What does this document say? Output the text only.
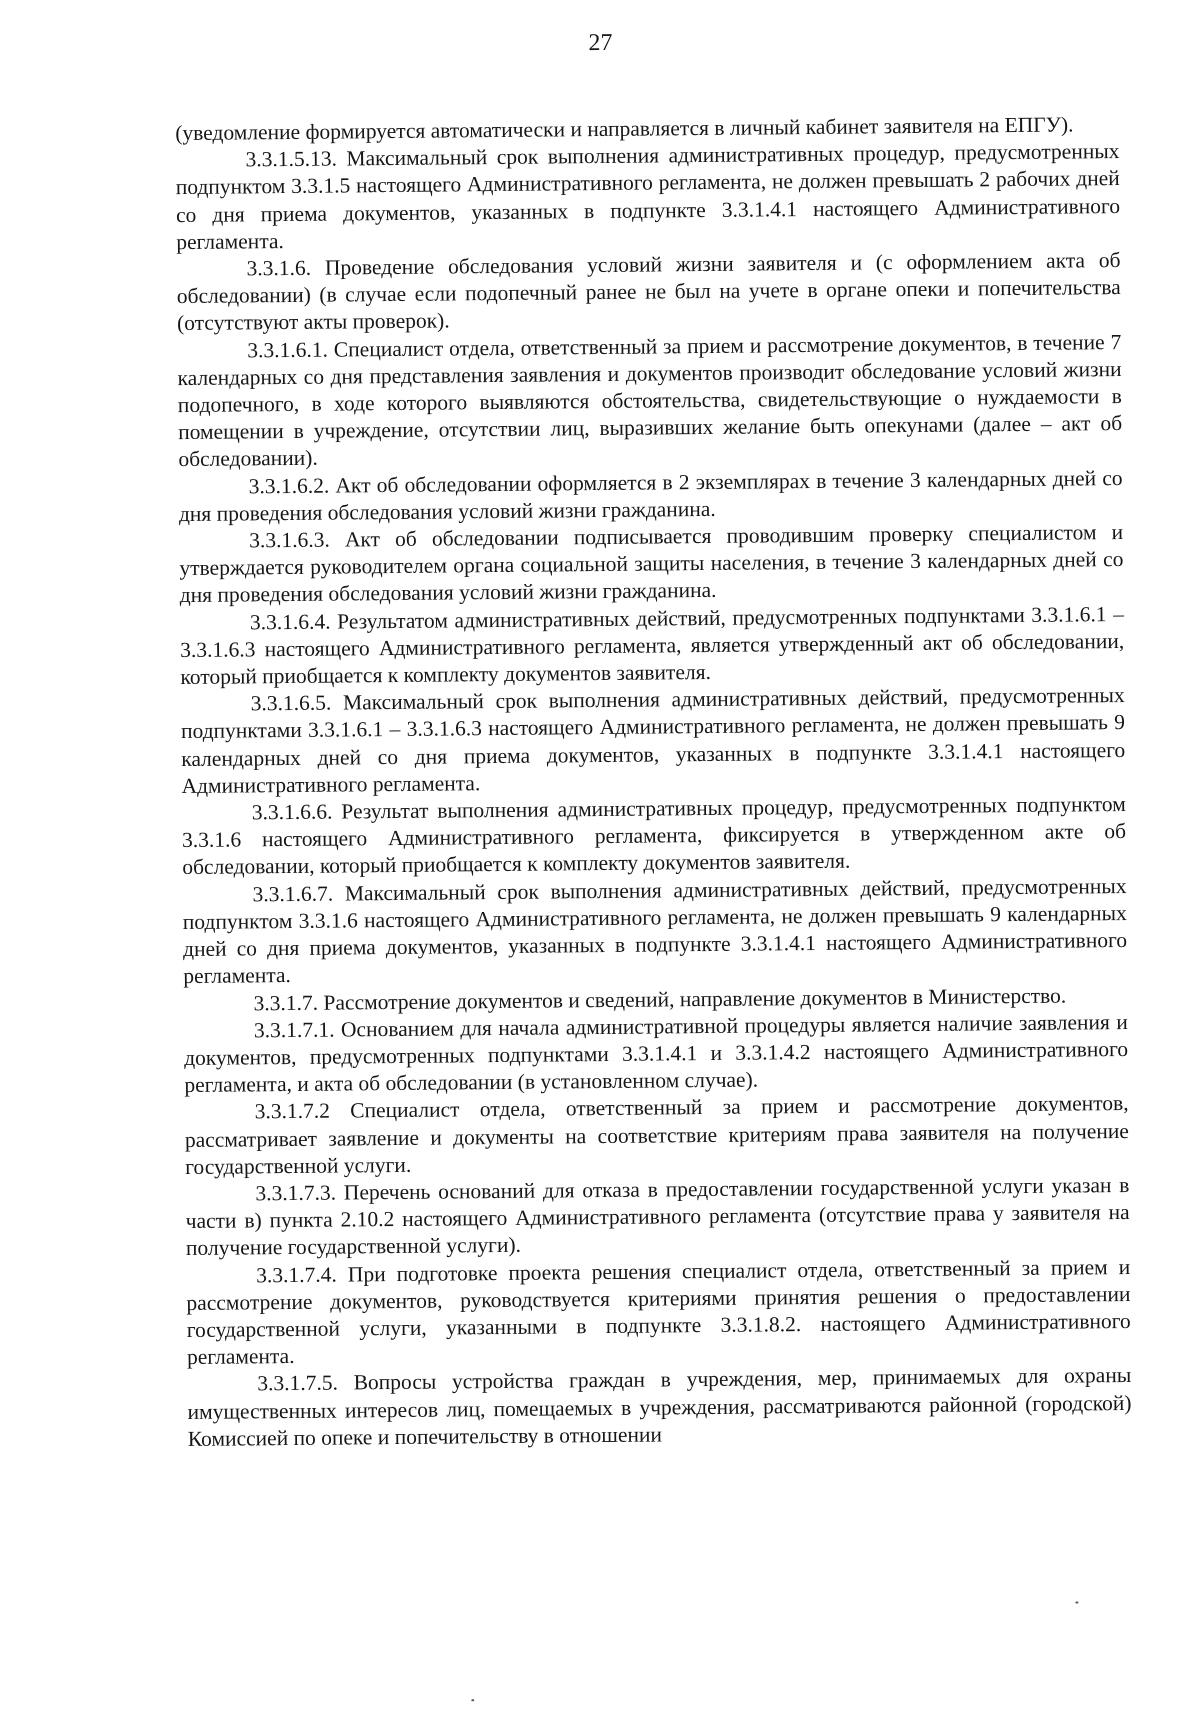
27

(уведомление формируется автоматически и направляется в личный кабинет заявителя на ЕПГУ).

3.3.1.5.13. Максимальный срок выполнения административных процедур, предусмотренных подпунктом 3.3.1.5 настоящего Административного регламента, не должен превышать 2 рабочих дней со дня приема документов, указанных в подпункте 3.3.1.4.1 настоящего Административного регламента.

3.3.1.6. Проведение обследования условий жизни заявителя и (с оформлением акта об обследовании) (в случае если подопечный ранее не был на учете в органе опеки и попечительства (отсутствуют акты проверок).

3.3.1.6.1. Специалист отдела, ответственный за прием и рассмотрение документов, в течение 7 календарных со дня представления заявления и документов производит обследование условий жизни подопечного, в ходе которого выявляются обстоятельства, свидетельствующие о нуждаемости в помещении в учреждение, отсутствии лиц, выразивших желание быть опекунами (далее – акт об обследовании).

3.3.1.6.2. Акт об обследовании оформляется в 2 экземплярах в течение 3 календарных дней со дня проведения обследования условий жизни гражданина.

3.3.1.6.3. Акт об обследовании подписывается проводившим проверку специалистом и утверждается руководителем органа социальной защиты населения, в течение 3 календарных дней со дня проведения обследования условий жизни гражданина.

3.3.1.6.4. Результатом административных действий, предусмотренных подпунктами 3.3.1.6.1 – 3.3.1.6.3 настоящего Административного регламента, является утвержденный акт об обследовании, который приобщается к комплекту документов заявителя.

3.3.1.6.5. Максимальный срок выполнения административных действий, предусмотренных подпунктами 3.3.1.6.1 – 3.3.1.6.3 настоящего Административного регламента, не должен превышать 9 календарных дней со дня приема документов, указанных в подпункте 3.3.1.4.1 настоящего Административного регламента.

3.3.1.6.6. Результат выполнения административных процедур, предусмотренных подпунктом 3.3.1.6 настоящего Административного регламента, фиксируется в утвержденном акте об обследовании, который приобщается к комплекту документов заявителя.

3.3.1.6.7. Максимальный срок выполнения административных действий, предусмотренных подпунктом 3.3.1.6 настоящего Административного регламента, не должен превышать 9 календарных дней со дня приема документов, указанных в подпункте 3.3.1.4.1 настоящего Административного регламента.

3.3.1.7. Рассмотрение документов и сведений, направление документов в Министерство.

3.3.1.7.1. Основанием для начала административной процедуры является наличие заявления и документов, предусмотренных подпунктами 3.3.1.4.1 и 3.3.1.4.2 настоящего Административного регламента, и акта об обследовании (в установленном случае).

3.3.1.7.2 Специалист отдела, ответственный за прием и рассмотрение документов, рассматривает заявление и документы на соответствие критериям права заявителя на получение государственной услуги.

3.3.1.7.3. Перечень оснований для отказа в предоставлении государственной услуги указан в части в) пункта 2.10.2 настоящего Административного регламента (отсутствие права у заявителя на получение государственной услуги).

3.3.1.7.4. При подготовке проекта решения специалист отдела, ответственный за прием и рассмотрение документов, руководствуется критериями принятия решения о предоставлении государственной услуги, указанными в подпункте 3.3.1.8.2. настоящего Административного регламента.

3.3.1.7.5. Вопросы устройства граждан в учреждения, мер, принимаемых для охраны имущественных интересов лиц, помещаемых в учреждения, рассматриваются районной (городской) Комиссией по опеке и попечительству в отношении
